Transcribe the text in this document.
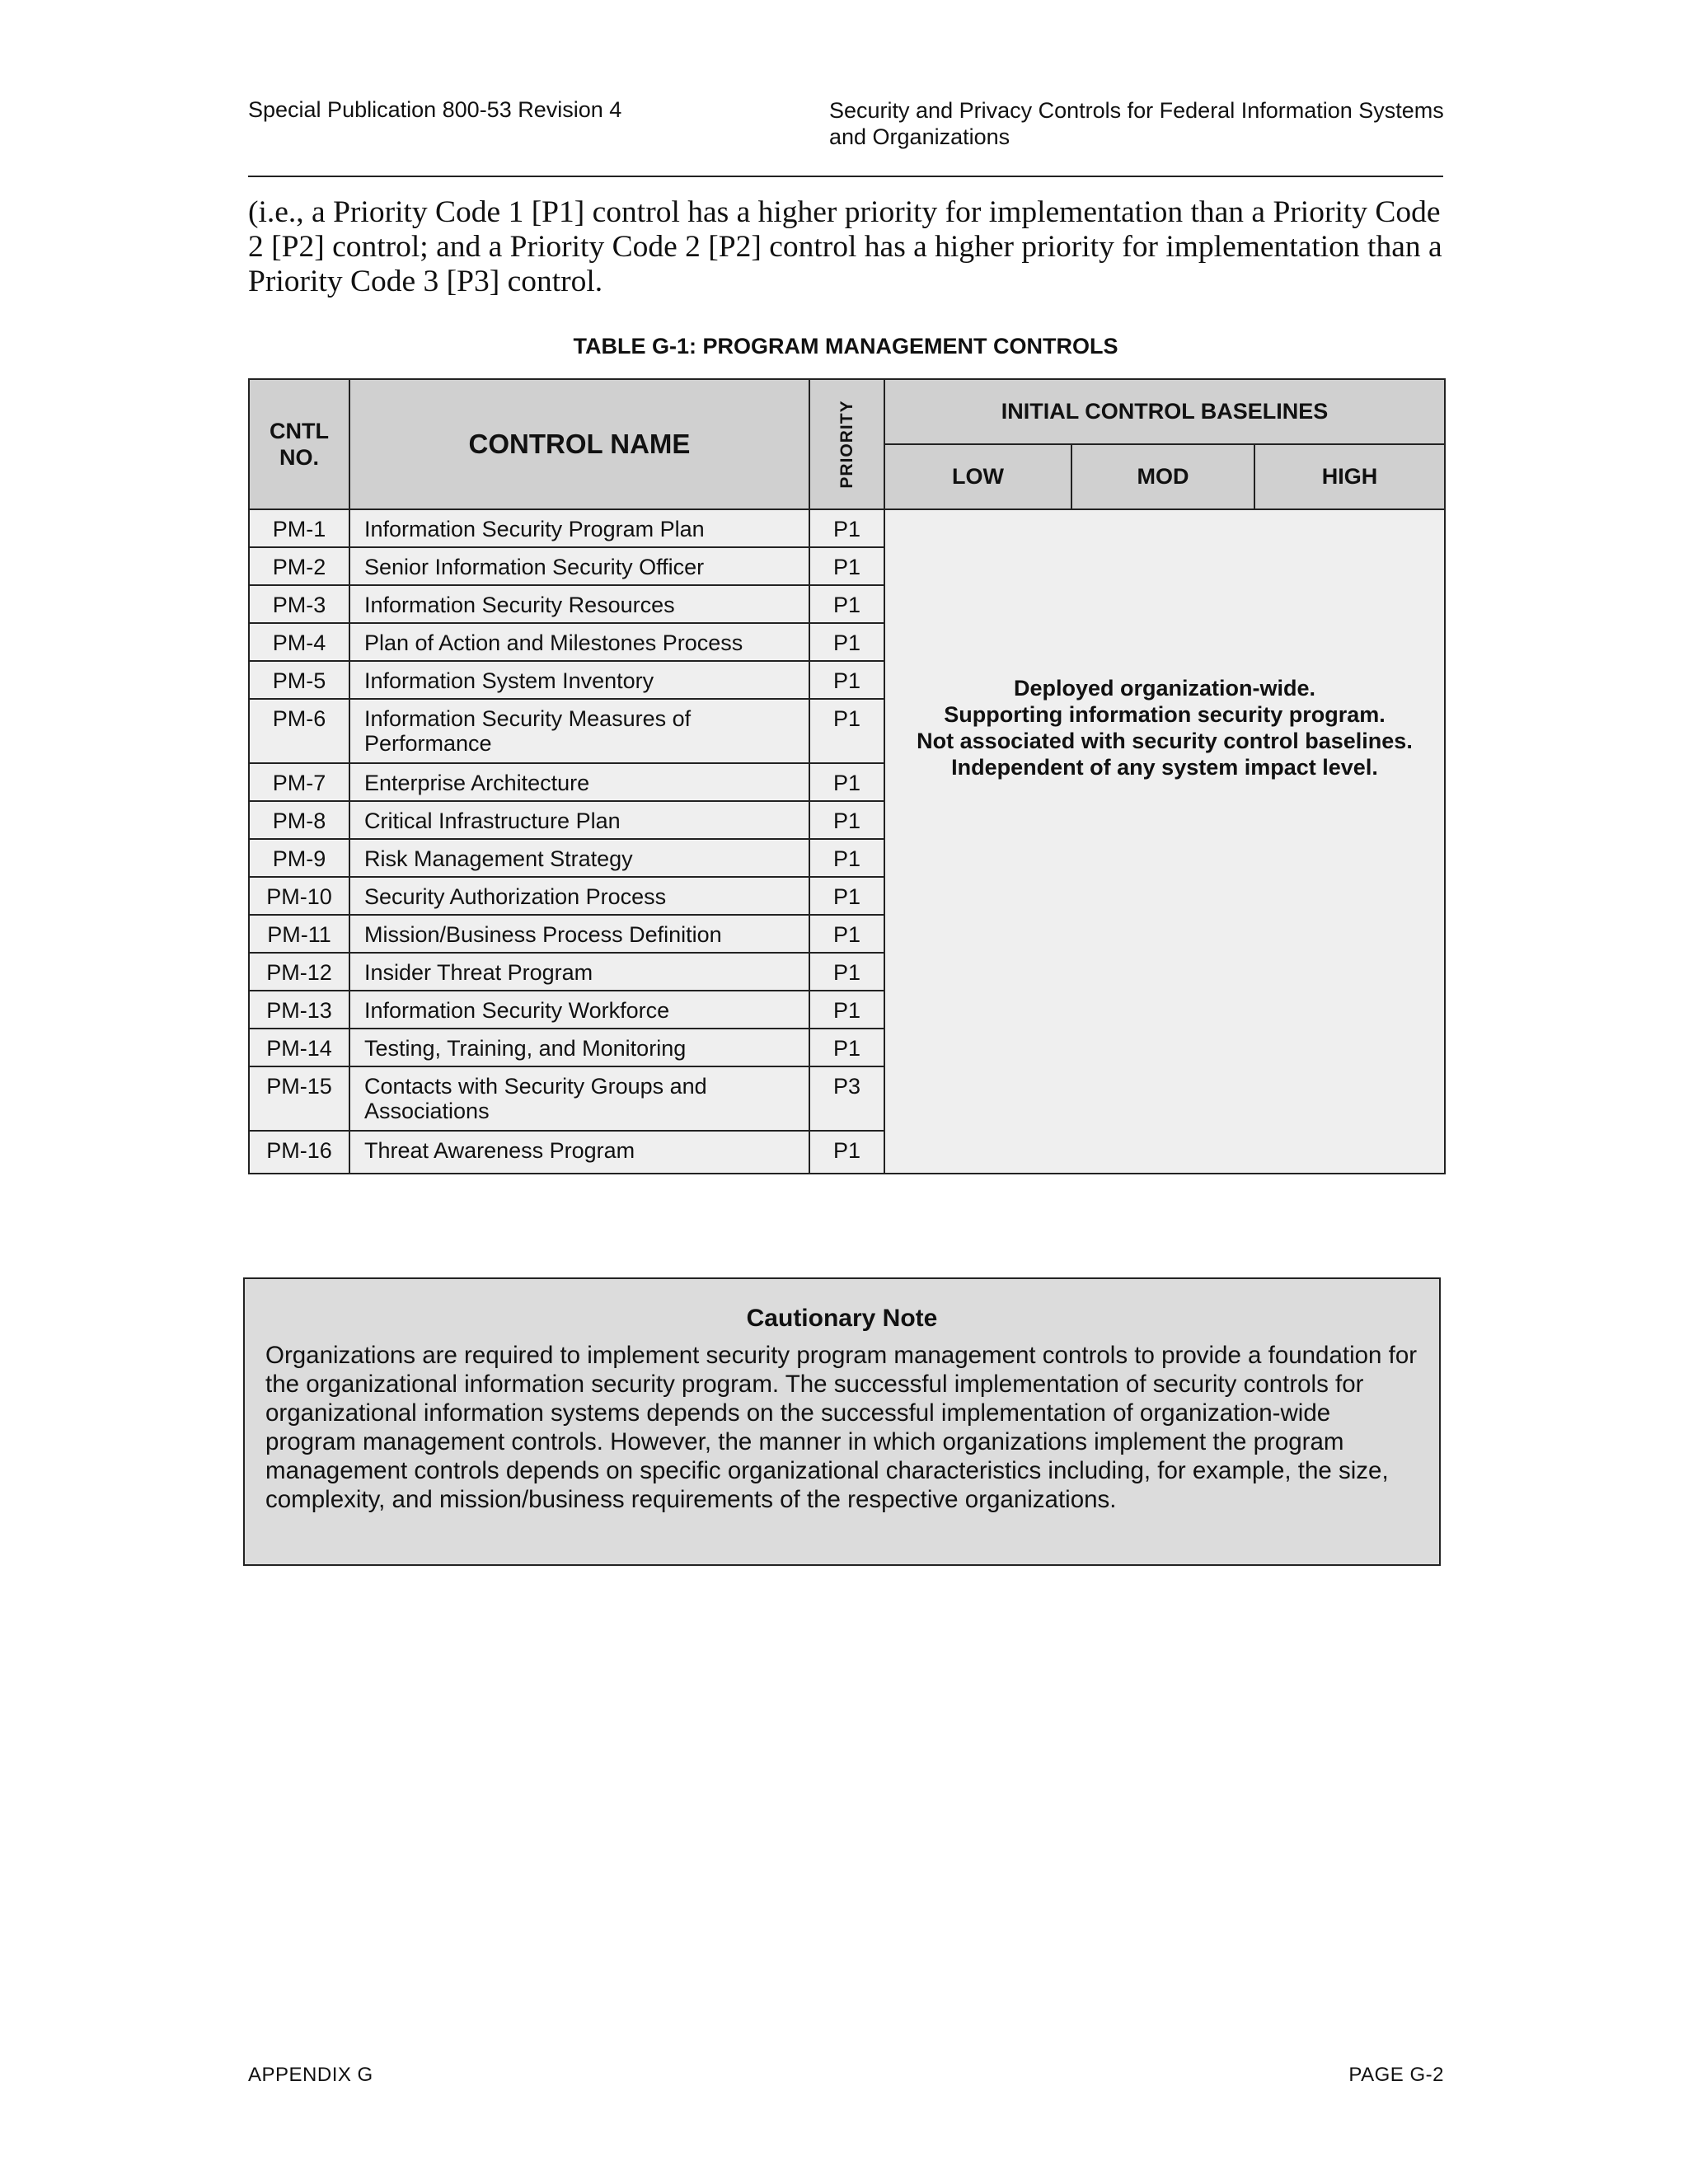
Special Publication 800-53 Revision 4	Security and Privacy Controls for Federal Information Systems and Organizations
(i.e., a Priority Code 1 [P1] control has a higher priority for implementation than a Priority Code 2 [P2] control; and a Priority Code 2 [P2] control has a higher priority for implementation than a Priority Code 3 [P3] control.
TABLE G-1: PROGRAM MANAGEMENT CONTROLS
CNTL NO.	CONTROL NAME	PRIORITY	INITIAL CONTROL BASELINES		
			LOW	MOD	HIGH
PM-1	Information Security Program Plan	P1	Deployed organization-wide.
Supporting information security program.
Not associated with security control baselines.
Independent of any system impact level.		

PM-2	Senior Information Security Officer	P1			
PM-3	Information Security Resources	P1			
PM-4	Plan of Action and Milestones Process	P1			
PM-5	Information System Inventory	P1			
PM-6	Information Security Measures of Performance	P1			
PM-7	Enterprise Architecture	P1			
PM-8	Critical Infrastructure Plan	P1			
PM-9	Risk Management Strategy	P1			
PM-10	Security Authorization Process	P1			
PM-11	Mission/Business Process Definition	P1			
PM-12	Insider Threat Program	P1			
PM-13	Information Security Workforce	P1			
PM-14	Testing, Training, and Monitoring	P1			
PM-15	Contacts with Security Groups and Associations	P3			
PM-16	Threat Awareness Program	P1			
Cautionary Note
Organizations are required to implement security program management controls to provide a foundation for the organizational information security program. The successful implementation of security controls for organizational information systems depends on the successful implementation of organization-wide program management controls. However, the manner in which organizations implement the program management controls depends on specific organizational characteristics including, for example, the size, complexity, and mission/business requirements of the respective organizations.
APPENDIX G	PAGE G-2
